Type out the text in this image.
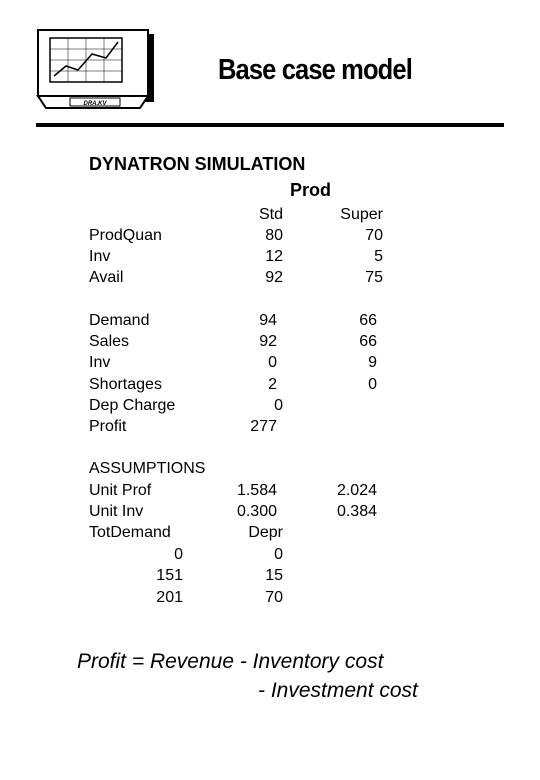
DRA.KV
Base case model
DYNATRON SIMULATION
Prod
Std	Super
ProdQuan	80	70
Inv	12	5
Avail	92	75
Demand	94	66
Sales	92	66
Inv	0	9
Shortages	2	0
Dep Charge	0
Profit	277
ASSUMPTIONS
Unit Prof	1.584	2.024
Unit Inv	0.300	0.384
TotDemand	Depr
0	0
151	15
201	70
Profit = Revenue - Inventory cost
- Investment cost
